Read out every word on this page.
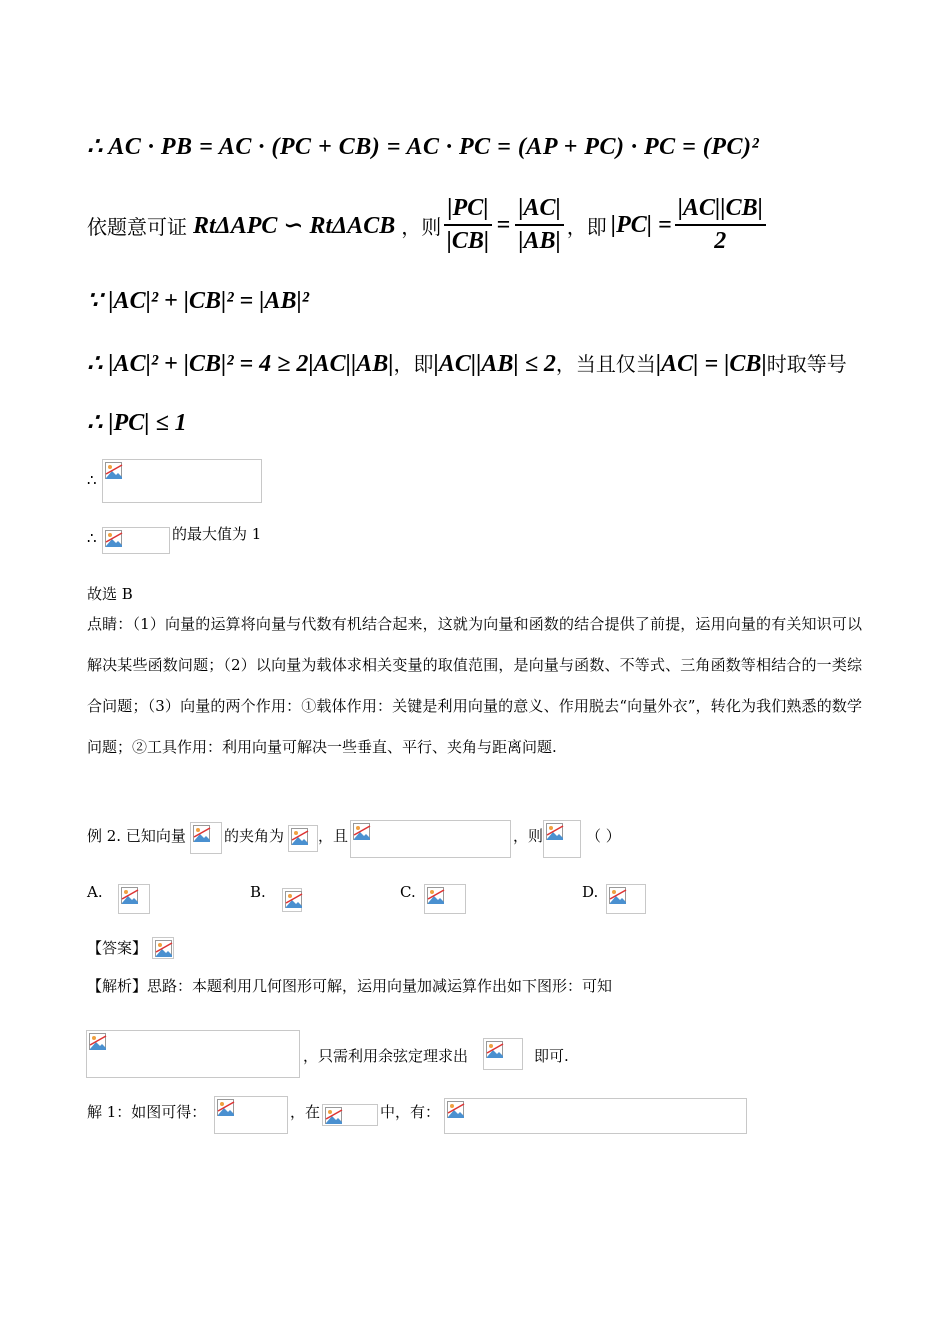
∴ AC · PB = AC · (PC + CB) = AC · PC = (AP + PC) · PC = (PC)²
依题意可证 RtΔAPC ∽ RtΔACB ，则 $\frac{|PC|}{|CB|} = \frac{|AC|}{|AB|}$ ，即 $|PC| = \frac{|AC||CB|}{2}$
∵ |AC|² + |CB|² = |AB|²
∴ |AC|² + |CB|² = 4 ≥ 2|AC||AB|，即|AC||AB| ≤ 2，当且仅当|AC| = |CB|时取等号
∴ |PC| ≤ 1
∴
∴	的最大值为 1
故选 B
点睛：（1）向量的运算将向量与代数有机结合起来，这就为向量和函数的结合提供了前提，运用向量的有关知识可以解决某些函数问题；（2）以向量为载体求相关变量的取值范围，是向量与函数、不等式、三角函数等相结合的一类综合问题；（3）向量的两个作用：①载体作用：关键是利用向量的意义、作用脱去“向量外衣”，转化为我们熟悉的数学问题；②工具作用：利用向量可解决一些垂直、平行、夹角与距离问题.
例 2. 已知向量	的夹角为 ，且	，则	（ ）
A.	B.	C.	D.
【答案】
【解析】思路：本题利用几何图形可解，运用向量加减运算作出如下图形：可知
，只需利用余弦定理求出	即可.
解 1：如图可得：	，在	中，有：
